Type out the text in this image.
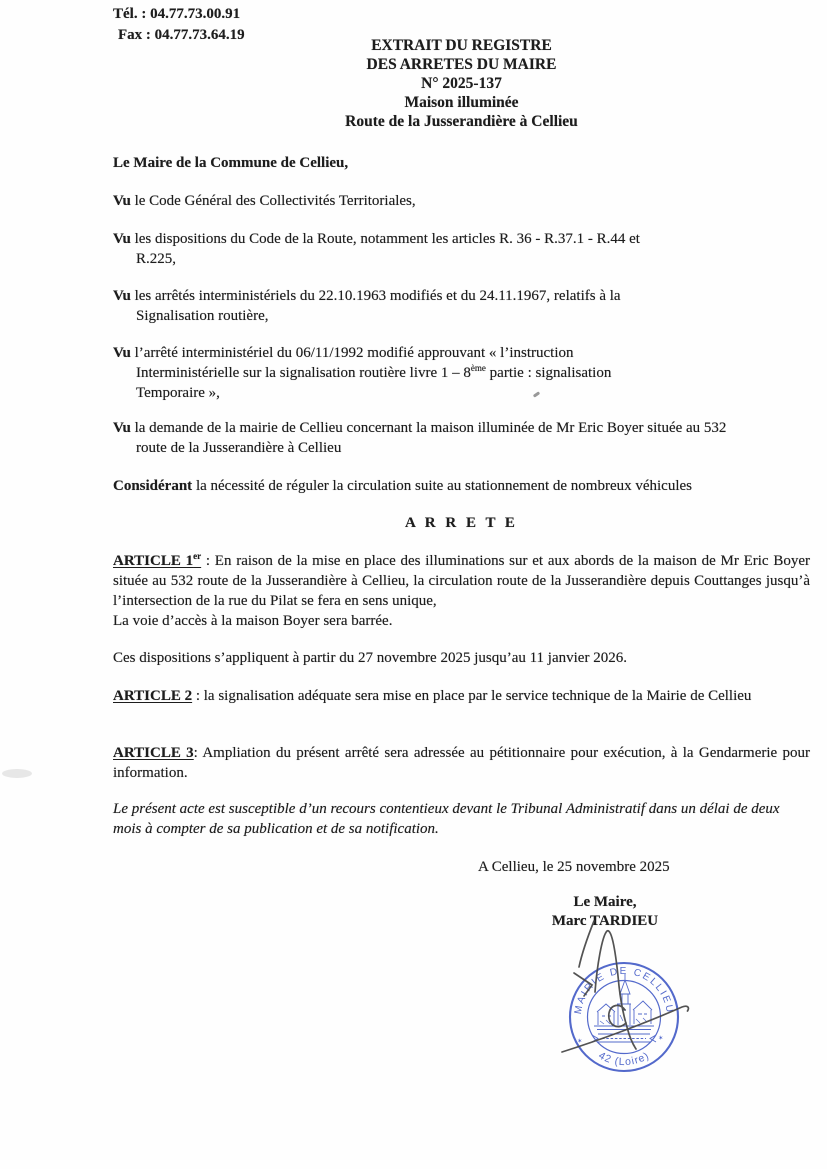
Tél. : 04.77.73.00.91
Fax : 04.77.73.64.19
EXTRAIT DU REGISTRE
DES ARRETES DU MAIRE
N° 2025-137
Maison illuminée
Route de la Jusserandière à Cellieu

Le Maire de la Commune de Cellieu,

Vu le Code Général des Collectivités Territoriales,

Vu les dispositions du Code de la Route, notamment les articles R. 36 - R.37.1 - R.44 et
R.225,

Vu les arrêtés interministériels du 22.10.1963 modifiés et du 24.11.1967, relatifs à la
Signalisation routière,

Vu l’arrêté interministériel du 06/11/1992 modifié approuvant « l’instruction
Interministérielle sur la signalisation routière livre 1 – 8ème partie : signalisation
Temporaire »,

Vu la demande de la mairie de Cellieu concernant la maison illuminée de Mr Eric Boyer située au 532
route de la Jusserandière à Cellieu

Considérant la nécessité de réguler la circulation suite au stationnement de nombreux véhicules

A R R E T E

ARTICLE 1er : En raison de la mise en place des illuminations sur et aux abords de la maison de Mr Eric Boyer située au 532 route de la Jusserandière à Cellieu, la circulation route de la Jusserandière depuis Couttanges jusqu’à l’intersection de la rue du Pilat se fera en sens unique,

La voie d’accès à la maison Boyer sera barrée.

Ces dispositions s’appliquent à partir du 27 novembre 2025 jusqu’au 11 janvier 2026.

ARTICLE 2 : la signalisation adéquate sera mise en place par le service technique de la Mairie de Cellieu

ARTICLE 3: Ampliation du présent arrêté sera adressée au pétitionnaire pour exécution, à la Gendarmerie pour information.

Le présent acte est susceptible d’un recours contentieux devant le Tribunal Administratif dans un délai de deux mois à compter de sa publication et de sa notification.

A Cellieu, le 25 novembre 2025

Le Maire,
Marc TARDIEU
MAIRIE DE CELLIEU
42 (Loire)
✶	✶
